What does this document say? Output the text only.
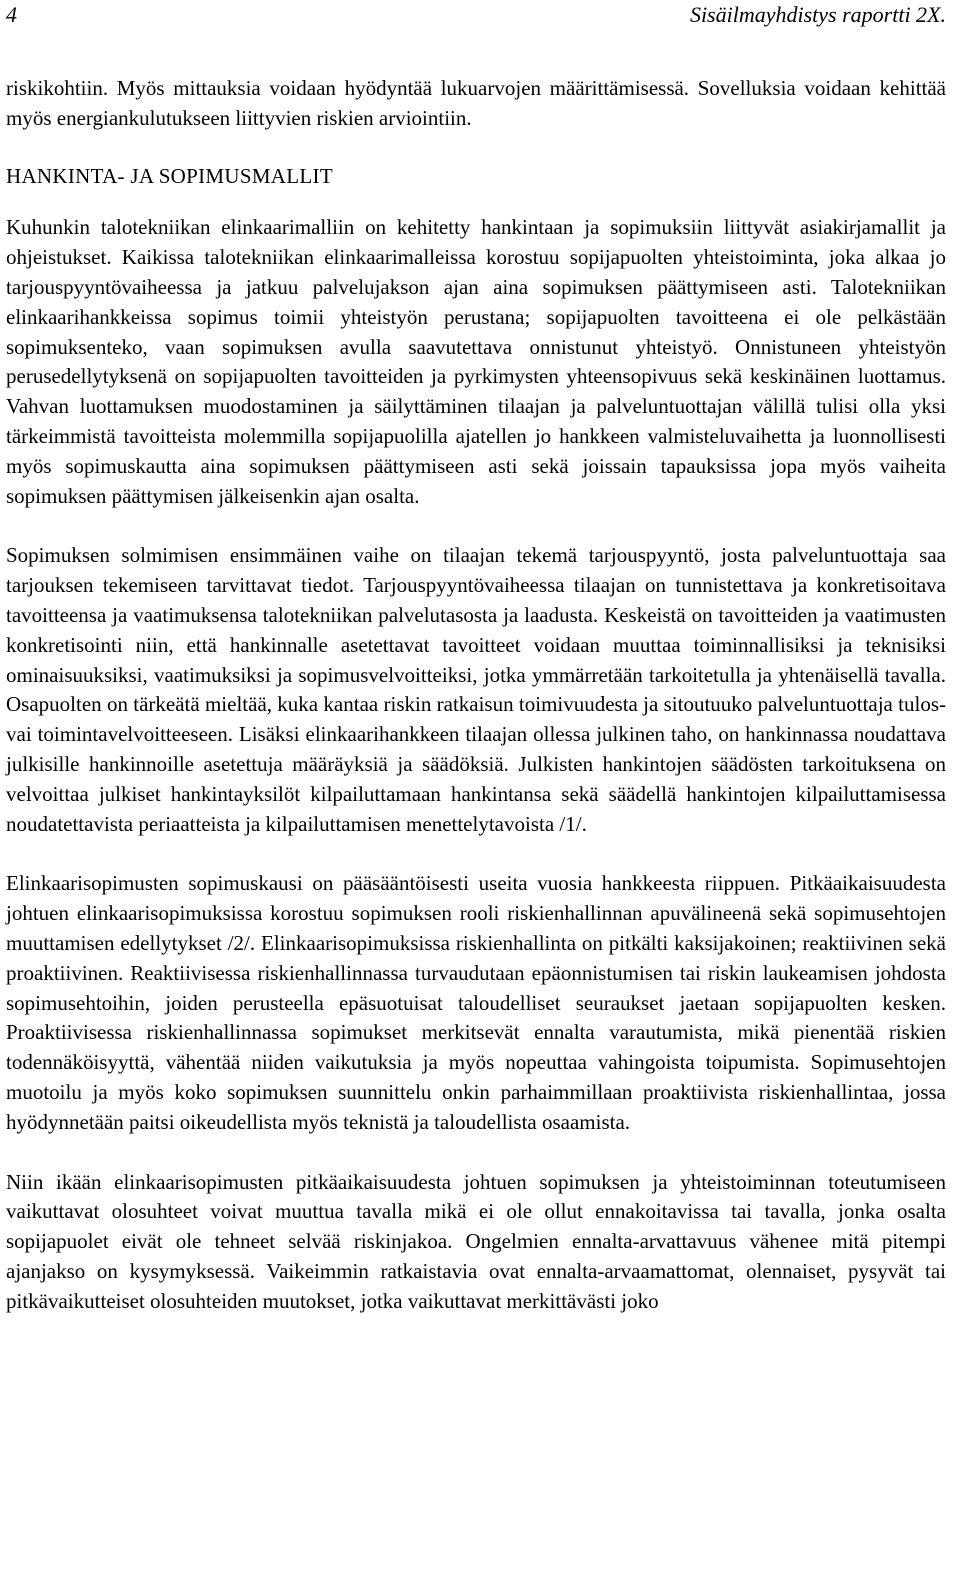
4	Sisäilmayhdistys raportti 2X.

riskikohtiin. Myös mittauksia voidaan hyödyntää lukuarvojen määrittämisessä. Sovelluksia voidaan kehittää myös energiankulutukseen liittyvien riskien arviointiin.

HANKINTA- JA SOPIMUSMALLIT

Kuhunkin talotekniikan elinkaarimalliin on kehitetty hankintaan ja sopimuksiin liittyvät asiakirjamallit ja ohjeistukset. Kaikissa talotekniikan elinkaarimalleissa korostuu sopijapuolten yhteistoiminta, joka alkaa jo tarjouspyyntövaiheessa ja jatkuu palvelujakson ajan aina sopimuksen päättymiseen asti. Talotekniikan elinkaarihankkeissa sopimus toimii yhteistyön perustana; sopijapuolten tavoitteena ei ole pelkästään sopimuksenteko, vaan sopimuksen avulla saavutettava onnistunut yhteistyö. Onnistuneen yhteistyön perusedellytyksenä on sopijapuolten tavoitteiden ja pyrkimysten yhteensopivuus sekä keskinäinen luottamus. Vahvan luottamuksen muodostaminen ja säilyttäminen tilaajan ja palveluntuottajan välillä tulisi olla yksi tärkeimmistä tavoitteista molemmilla sopijapuolilla ajatellen jo hankkeen valmisteluvaihetta ja luonnollisesti myös sopimuskautta aina sopimuksen päättymiseen asti sekä joissain tapauksissa jopa myös vaiheita sopimuksen päättymisen jälkeisenkin ajan osalta.

Sopimuksen solmimisen ensimmäinen vaihe on tilaajan tekemä tarjouspyyntö, josta palveluntuottaja saa tarjouksen tekemiseen tarvittavat tiedot. Tarjouspyyntövaiheessa tilaajan on tunnistettava ja konkretisoitava tavoitteensa ja vaatimuksensa talotekniikan palvelutasosta ja laadusta. Keskeistä on tavoitteiden ja vaatimusten konkretisointi niin, että hankinnalle asetettavat tavoitteet voidaan muuttaa toiminnallisiksi ja teknisiksi ominaisuuksiksi, vaatimuksiksi ja sopimusvelvoitteiksi, jotka ymmärretään tarkoitetulla ja yhtenäisellä tavalla. Osapuolten on tärkeätä mieltää, kuka kantaa riskin ratkaisun toimivuudesta ja sitoutuuko palveluntuottaja tulos- vai toimintavelvoitteeseen. Lisäksi elinkaarihankkeen tilaajan ollessa julkinen taho, on hankinnassa noudattava julkisille hankinnoille asetettuja määräyksiä ja säädöksiä. Julkisten hankintojen säädösten tarkoituksena on velvoittaa julkiset hankintayksilöt kilpailuttamaan hankintansa sekä säädellä hankintojen kilpailuttamisessa noudatettavista periaatteista ja kilpailuttamisen menettelytavoista /1/.

Elinkaarisopimusten sopimuskausi on pääsääntöisesti useita vuosia hankkeesta riippuen. Pitkäaikaisuudesta johtuen elinkaarisopimuksissa korostuu sopimuksen rooli riskienhallinnan apuvälineenä sekä sopimusehtojen muuttamisen edellytykset /2/. Elinkaarisopimuksissa riskienhallinta on pitkälti kaksijakoinen; reaktiivinen sekä proaktiivinen. Reaktiivisessa riskienhallinnassa turvaudutaan epäonnistumisen tai riskin laukeamisen johdosta sopimusehtoihin, joiden perusteella epäsuotuisat taloudelliset seuraukset jaetaan sopijapuolten kesken. Proaktiivisessa riskienhallinnassa sopimukset merkitsevät ennalta varautumista, mikä pienentää riskien todennäköisyyttä, vähentää niiden vaikutuksia ja myös nopeuttaa vahingoista toipumista. Sopimusehtojen muotoilu ja myös koko sopimuksen suunnittelu onkin parhaimmillaan proaktiivista riskienhallintaa, jossa hyödynnetään paitsi oikeudellista myös teknistä ja taloudellista osaamista.

Niin ikään elinkaarisopimusten pitkäaikaisuudesta johtuen sopimuksen ja yhteistoiminnan toteutumiseen vaikuttavat olosuhteet voivat muuttua tavalla mikä ei ole ollut ennakoitavissa tai tavalla, jonka osalta sopijapuolet eivät ole tehneet selvää riskinjakoa. Ongelmien ennalta-arvattavuus vähenee mitä pitempi ajanjakso on kysymyksessä. Vaikeimmin ratkaistavia ovat ennalta-arvaamattomat, olennaiset, pysyvät tai pitkävaikutteiset olosuhteiden muutokset, jotka vaikuttavat merkittävästi joko
